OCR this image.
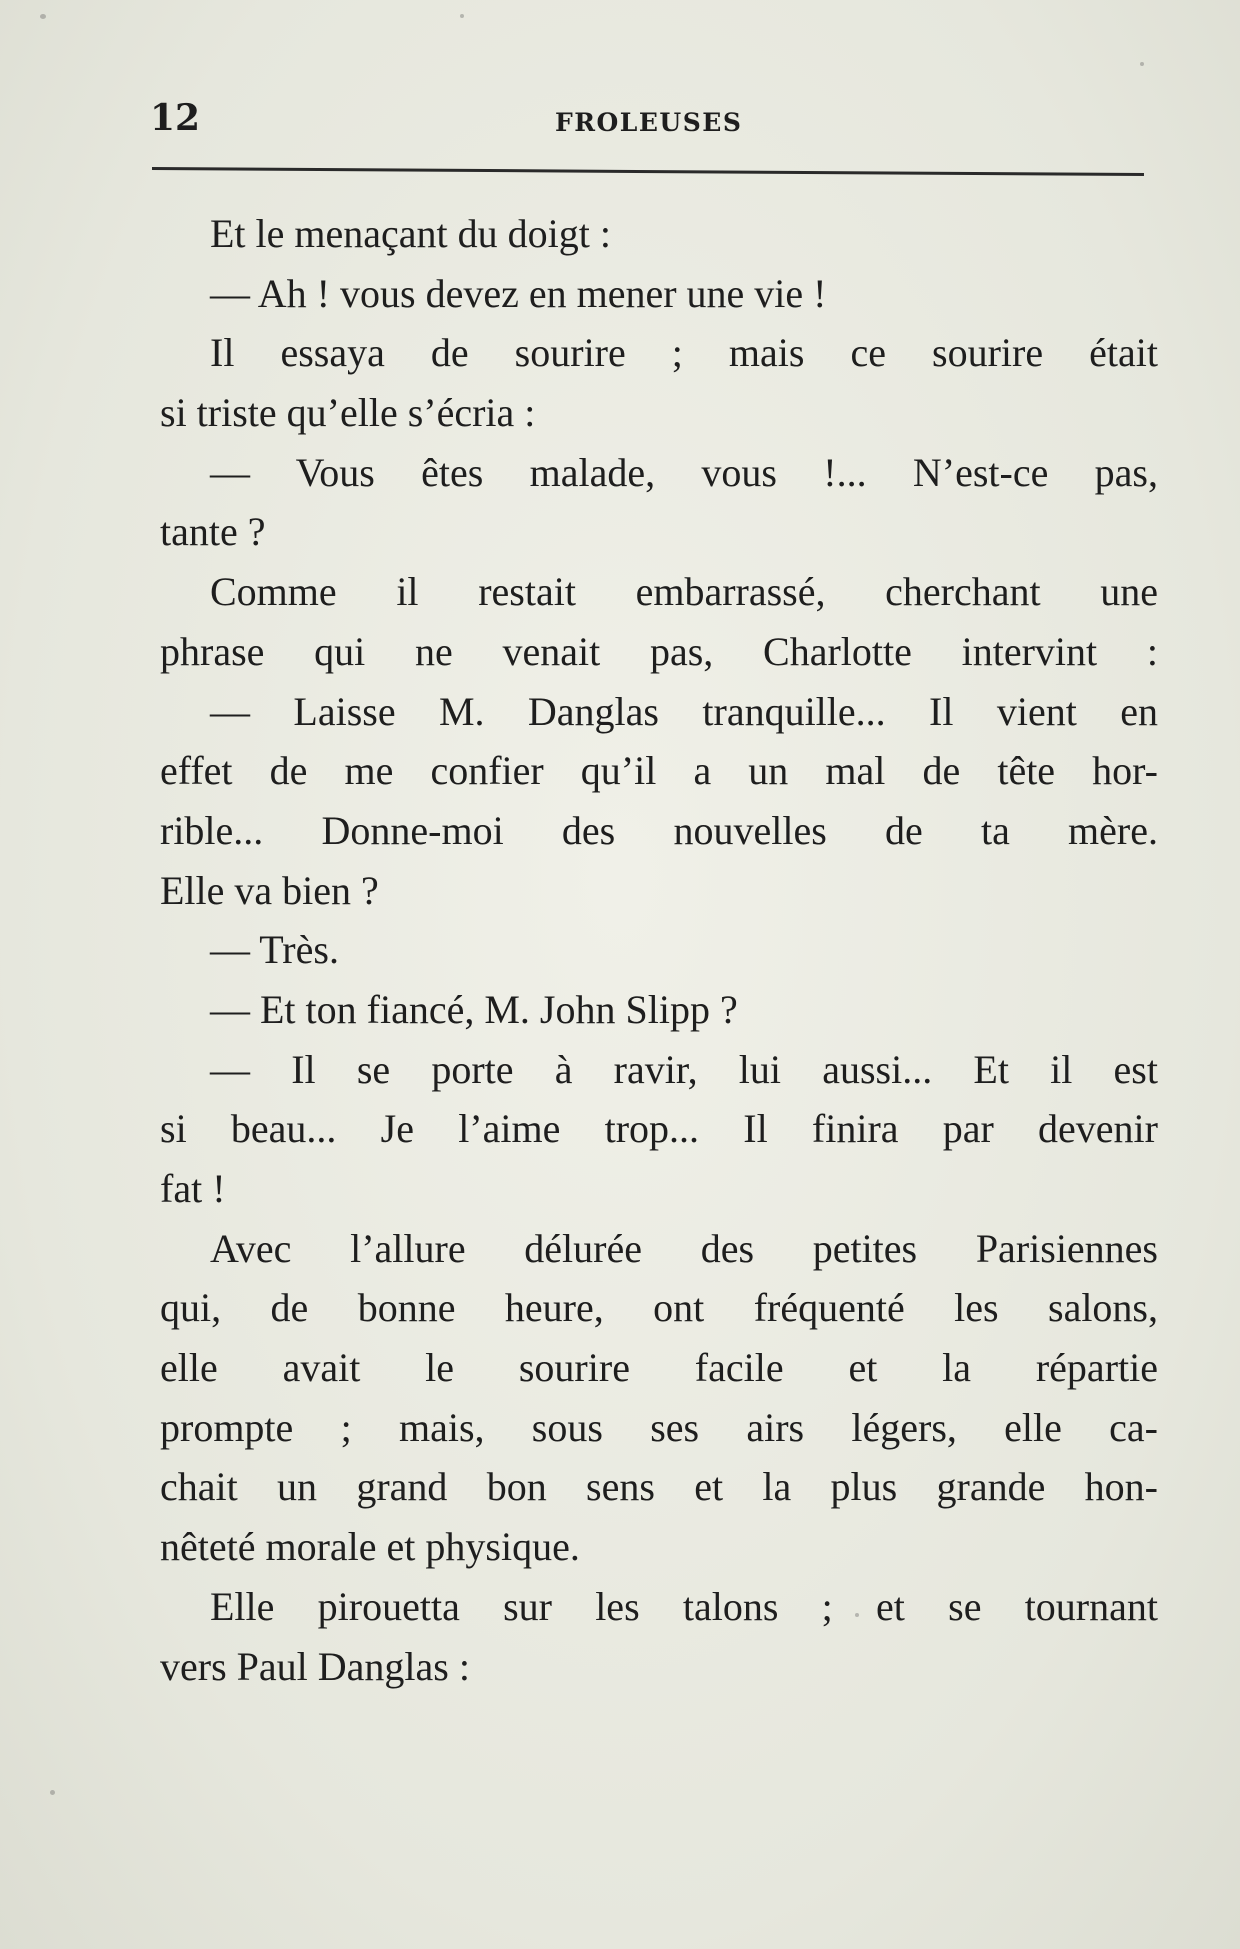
12	FROLEUSES
Et le menaçant du doigt :
— Ah ! vous devez en mener une vie !
Il essaya de sourire ; mais ce sourire était
si triste qu’elle s’écria :
— Vous êtes malade, vous !... N’est-ce pas,
tante ?
Comme il restait embarrassé, cherchant une
phrase qui ne venait pas, Charlotte intervint :
— Laisse M. Danglas tranquille... Il vient en
effet de me confier qu’il a un mal de tête hor-
rible... Donne-moi des nouvelles de ta mère.
Elle va bien ?
— Très.
— Et ton fiancé, M. John Slipp ?
— Il se porte à ravir, lui aussi... Et il est
si beau... Je l’aime trop... Il finira par devenir
fat !
Avec l’allure délurée des petites Parisiennes
qui, de bonne heure, ont fréquenté les salons,
elle avait le sourire facile et la répartie
prompte ; mais, sous ses airs légers, elle ca-
chait un grand bon sens et la plus grande hon-
nêteté morale et physique.
Elle pirouetta sur les talons ; et se tournant
vers Paul Danglas :
